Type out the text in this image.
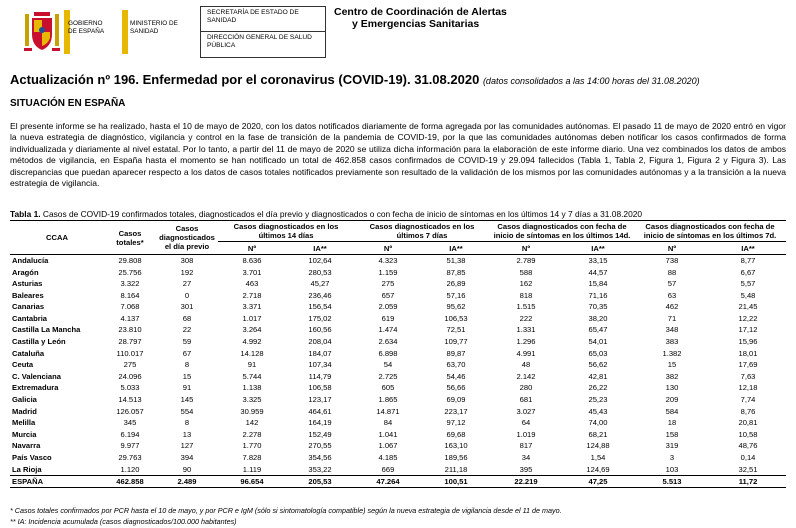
GOBIERNO DE ESPAÑA
MINISTERIO DE SANIDAD
SECRETARÍA DE ESTADO DE SANIDAD
DIRECCIÓN GENERAL DE SALUD PÚBLICA
Centro de Coordinación de Alertas
y Emergencias Sanitarias
Actualización nº 196. Enfermedad por el coronavirus (COVID-19). 31.08.2020 (datos consolidados a las 14:00 horas del 31.08.2020)
SITUACIÓN EN ESPAÑA
El presente informe se ha realizado, hasta el 10 de mayo de 2020, con los datos notificados diariamente de forma agregada por las comunidades autónomas. El pasado 11 de mayo de 2020 entró en vigor la nueva estrategia de diagnóstico, vigilancia y control en la fase de transición de la pandemia de COVID-19, por la que las comunidades autónomas deben notificar los casos confirmados de forma individualizada y diariamente al nivel estatal. Por lo tanto, a partir del 11 de mayo de 2020 se utiliza dicha información para la elaboración de este informe diario. Una vez combinados los datos de ambos métodos de vigilancia, en España hasta el momento se han notificado un total de 462.858 casos confirmados de COVID-19 y 29.094 fallecidos (Tabla 1, Tabla 2, Figura 1, Figura 2 y Figura 3). Las discrepancias que puedan aparecer respecto a los datos de casos totales notificados previamente son resultado de la validación de los mismos por las comunidades autónomas y a la transición a la nueva estrategia de vigilancia.
Tabla 1. Casos de COVID-19 confirmados totales, diagnosticados el día previo y diagnosticados o con fecha de inicio de síntomas en los últimos 14 y 7 días a 31.08.2020
CCAA	Casos totales*	Casos diagnosticados el día previo	Casos diagnosticados en los últimos 14 días		Casos diagnosticados en los últimos 7 días		Casos diagnosticados con fecha de inicio de síntomas en los últimos 14d.		Casos diagnosticados con fecha de inicio de síntomas en los últimos 7d.	
			Nº	IA**	Nº	IA**	Nº	IA**	Nº	IA**
Andalucía	29.808	308	8.636	102,64	4.323	51,38	2.789	33,15	738	8,77
Aragón	25.756	192	3.701	280,53	1.159	87,85	588	44,57	88	6,67
Asturias	3.322	27	463	45,27	275	26,89	162	15,84	57	5,57
Baleares	8.164	0	2.718	236,46	657	57,16	818	71,16	63	5,48
Canarias	7.068	301	3.371	156,54	2.059	95,62	1.515	70,35	462	21,45
Cantabria	4.137	68	1.017	175,02	619	106,53	222	38,20	71	12,22
Castilla La Mancha	23.810	22	3.264	160,56	1.474	72,51	1.331	65,47	348	17,12
Castilla y León	28.797	59	4.992	208,04	2.634	109,77	1.296	54,01	383	15,96
Cataluña	110.017	67	14.128	184,07	6.898	89,87	4.991	65,03	1.382	18,01
Ceuta	275	8	91	107,34	54	63,70	48	56,62	15	17,69
C. Valenciana	24.096	15	5.744	114,79	2.725	54,46	2.142	42,81	382	7,63
Extremadura	5.033	91	1.138	106,58	605	56,66	280	26,22	130	12,18
Galicia	14.513	145	3.325	123,17	1.865	69,09	681	25,23	209	7,74
Madrid	126.057	554	30.959	464,61	14.871	223,17	3.027	45,43	584	8,76
Melilla	345	8	142	164,19	84	97,12	64	74,00	18	20,81
Murcia	6.194	13	2.278	152,49	1.041	69,68	1.019	68,21	158	10,58
Navarra	9.977	127	1.770	270,55	1.067	163,10	817	124,88	319	48,76
País Vasco	29.763	394	7.828	354,56	4.185	189,56	34	1,54	3	0,14
La Rioja	1.120	90	1.119	353,22	669	211,18	395	124,69	103	32,51
ESPAÑA	462.858	2.489	96.654	205,53	47.264	100,51	22.219	47,25	5.513	11,72
* Casos totales confirmados por PCR hasta el 10 de mayo, y por PCR e IgM (sólo si sintomatología compatible) según la nueva estrategia de vigilancia desde el 11 de mayo.
** IA: Incidencia acumulada (casos diagnosticados/100.000 habitantes)
